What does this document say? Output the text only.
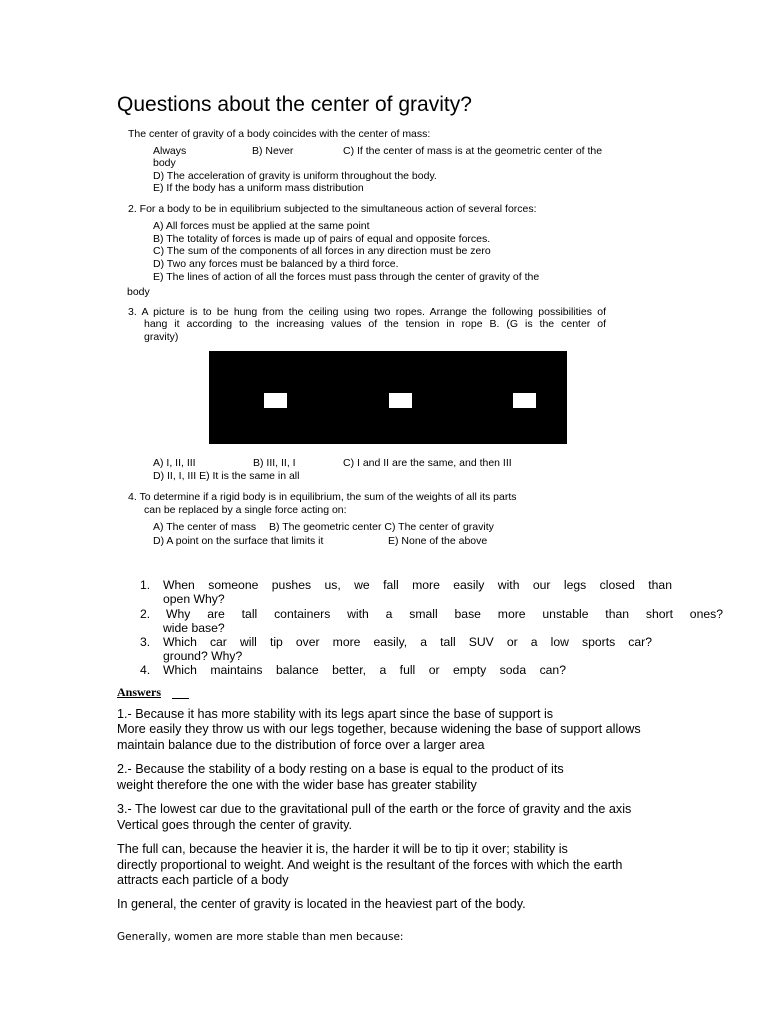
Questions about the center of gravity?
The center of gravity of a body coincides with the center of mass:
Always	B) Never	C) If the center of mass is at the geometric center of the
body
D) The acceleration of gravity is uniform throughout the body.
E) If the body has a uniform mass distribution
2. For a body to be in equilibrium subjected to the simultaneous action of several forces:
A) All forces must be applied at the same point
B) The totality of forces is made up of pairs of equal and opposite forces.
C) The sum of the components of all forces in any direction must be zero
D) Two any forces must be balanced by a third force.
E) The lines of action of all the forces must pass through the center of gravity of the
body
3. A picture is to be hung from the ceiling using two ropes. Arrange the following possibilities of
hang it according to the increasing values of the tension in rope B. (G is the center of
gravity)
A) I, II, III	B) III, II, I	C) I and II are the same, and then III
D) II, I, III E) It is the same in all
4. To determine if a rigid body is in equilibrium, the sum of the weights of all its parts
can be replaced by a single force acting on:
A) The center of mass B) The geometric center C) The center of gravity
D) A point on the surface that limits it	E) None of the above
1. When someone pushes us, we fall more easily with our legs closed than
open Why?
2. Why are tall containers with a small base more unstable than short ones?
wide base?
3. Which car will tip over more easily, a tall SUV or a low sports car?
ground? Why?
4. Which maintains balance better, a full or empty soda can?
Answers
1.- Because it has more stability with its legs apart since the base of support is
More easily they throw us with our legs together, because widening the base of support allows
maintain balance due to the distribution of force over a larger area
2.- Because the stability of a body resting on a base is equal to the product of its
weight therefore the one with the wider base has greater stability
3.- The lowest car due to the gravitational pull of the earth or the force of gravity and the axis
Vertical goes through the center of gravity.
The full can, because the heavier it is, the harder it will be to tip it over; stability is
directly proportional to weight. And weight is the resultant of the forces with which the earth
attracts each particle of a body
In general, the center of gravity is located in the heaviest part of the body.
Generally, women are more stable than men because:
